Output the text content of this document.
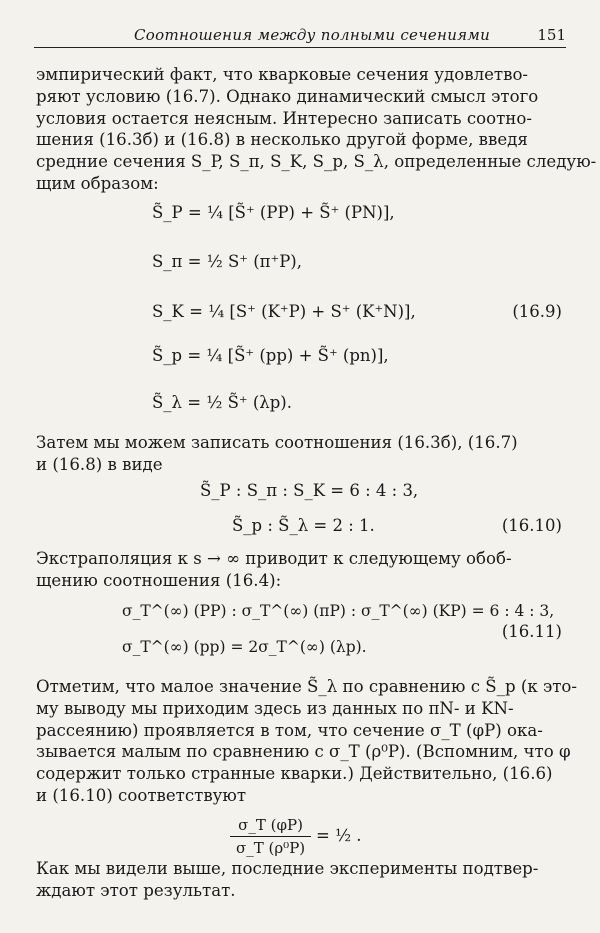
Соотношения между полными сечениями	151
эмпирический факт, что кварковые сечения удовлетво-
ряют условию (16.7). Однако динамический смысл этого
условия остается неясным. Интересно записать соотно-
шения (16.3б) и (16.8) в несколько другой форме, введя
средние сечения S_P, S_π, S_K, S_p, S_λ, определенные следую-
щим образом:
S̃_P = ¼ [S̃⁺ (PP) + S̃⁺ (PN)],
S_π = ½ S⁺ (π⁺P),
S_K = ¼ [S⁺ (K⁺P) + S⁺ (K⁺N)],
S̃_p = ¼ [S̃⁺ (pp) + S̃⁺ (pn)],
S̃_λ = ½ S̃⁺ (λp).
(16.9)
Затем мы можем записать соотношения (16.3б), (16.7)
и (16.8) в виде
S̃_P : S_π : S_K = 6 : 4 : 3,
S̃_p : S̃_λ = 2 : 1.	(16.10)
Экстраполяция к s → ∞ приводит к следующему обоб-
щению соотношения (16.4):
σ_T^(∞) (PP) : σ_T^(∞) (πP) : σ_T^(∞) (KP) = 6 : 4 : 3,
σ_T^(∞) (pp) = 2σ_T^(∞) (λp).
(16.11)
Отметим, что малое значение S̃_λ по сравнению с S̃_p (к это-
му выводу мы приходим здесь из данных по πN- и KN-
рассеянию) проявляется в том, что сечение σ_T (φP) ока-
зывается малым по сравнению с σ_T (ρ⁰P). (Вспомним, что φ
содержит только странные кварки.) Действительно, (16.6)
и (16.10) соответствуют
$\frac{\sigma\_T (\varphi P)}{\text{σ\_T (ρ⁰P)}}$ = ½ .
Как мы видели выше, последние эксперименты подтвер-
ждают этот результат.
